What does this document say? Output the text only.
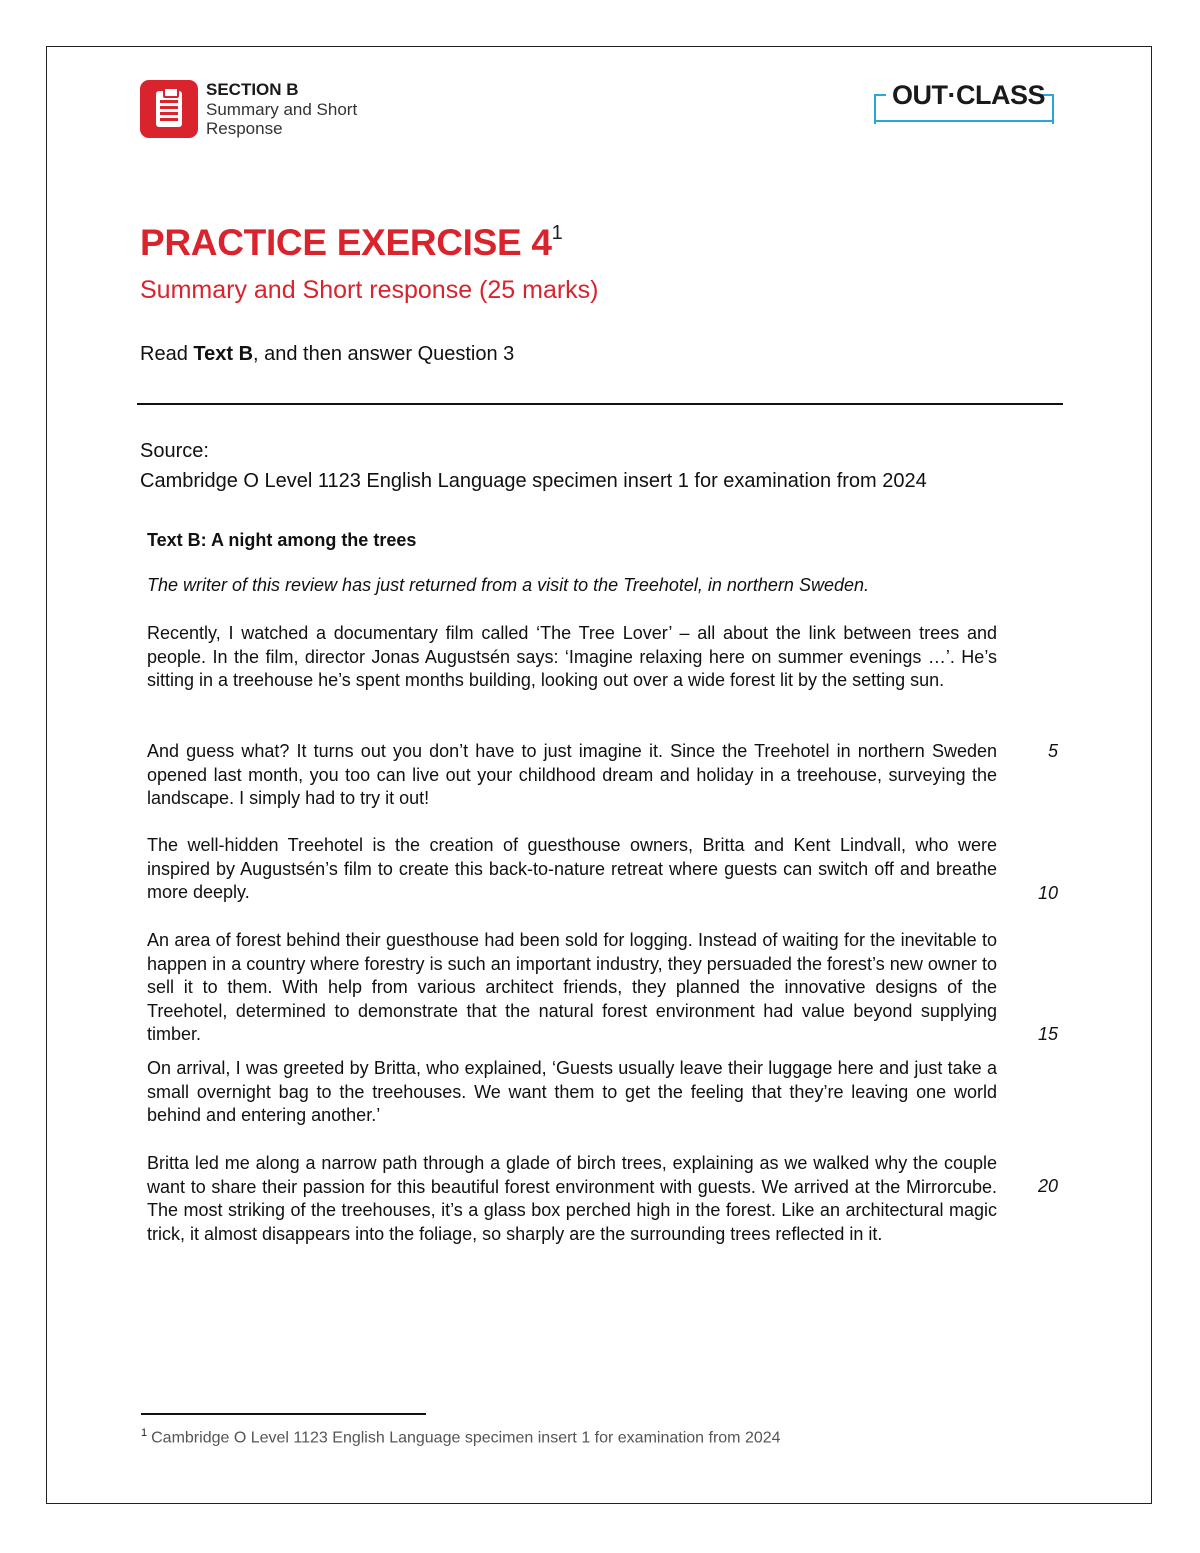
SECTION B
Summary and Short
Response
OUT·CLASS
PRACTICE EXERCISE $4^1$
Summary and Short response (25 marks)
Read Text B, and then answer Question 3
Source:
Cambridge O Level 1123 English Language specimen insert 1 for examination from 2024
Text B: A night among the trees
The writer of this review has just returned from a visit to the Treehotel, in northern Sweden.

Recently, I watched a documentary film called ‘The Tree Lover’ – all about the link between trees and people. In the film, director Jonas Augustsén says: ‘Imagine relaxing here on summer evenings …’. He’s sitting in a treehouse he’s spent months building, looking out over a wide forest lit by the setting sun.

And guess what? It turns out you don’t have to just imagine it. Since the Treehotel in northern Sweden opened last month, you too can live out your childhood dream and holiday in a treehouse, surveying the landscape. I simply had to try it out!

The well-hidden Treehotel is the creation of guesthouse owners, Britta and Kent Lindvall, who were inspired by Augustsén’s film to create this back-to-nature retreat where guests can switch off and breathe more deeply.

An area of forest behind their guesthouse had been sold for logging. Instead of waiting for the inevitable to happen in a country where forestry is such an important industry, they persuaded the forest’s new owner to sell it to them. With help from various architect friends, they planned the innovative designs of the Treehotel, determined to demonstrate that the natural forest environment had value beyond supplying timber.

On arrival, I was greeted by Britta, who explained, ‘Guests usually leave their luggage here and just take a small overnight bag to the treehouses. We want them to get the feeling that they’re leaving one world behind and entering another.’

Britta led me along a narrow path through a glade of birch trees, explaining as we walked why the couple want to share their passion for this beautiful forest environment with guests. We arrived at the Mirrorcube. The most striking of the treehouses, it’s a glass box perched high in the forest. Like an architectural magic trick, it almost disappears into the foliage, so sharply are the surrounding trees reflected in it.

5
10
15
20
$^1$ Cambridge O Level 1123 English Language specimen insert 1 for examination from 2024
